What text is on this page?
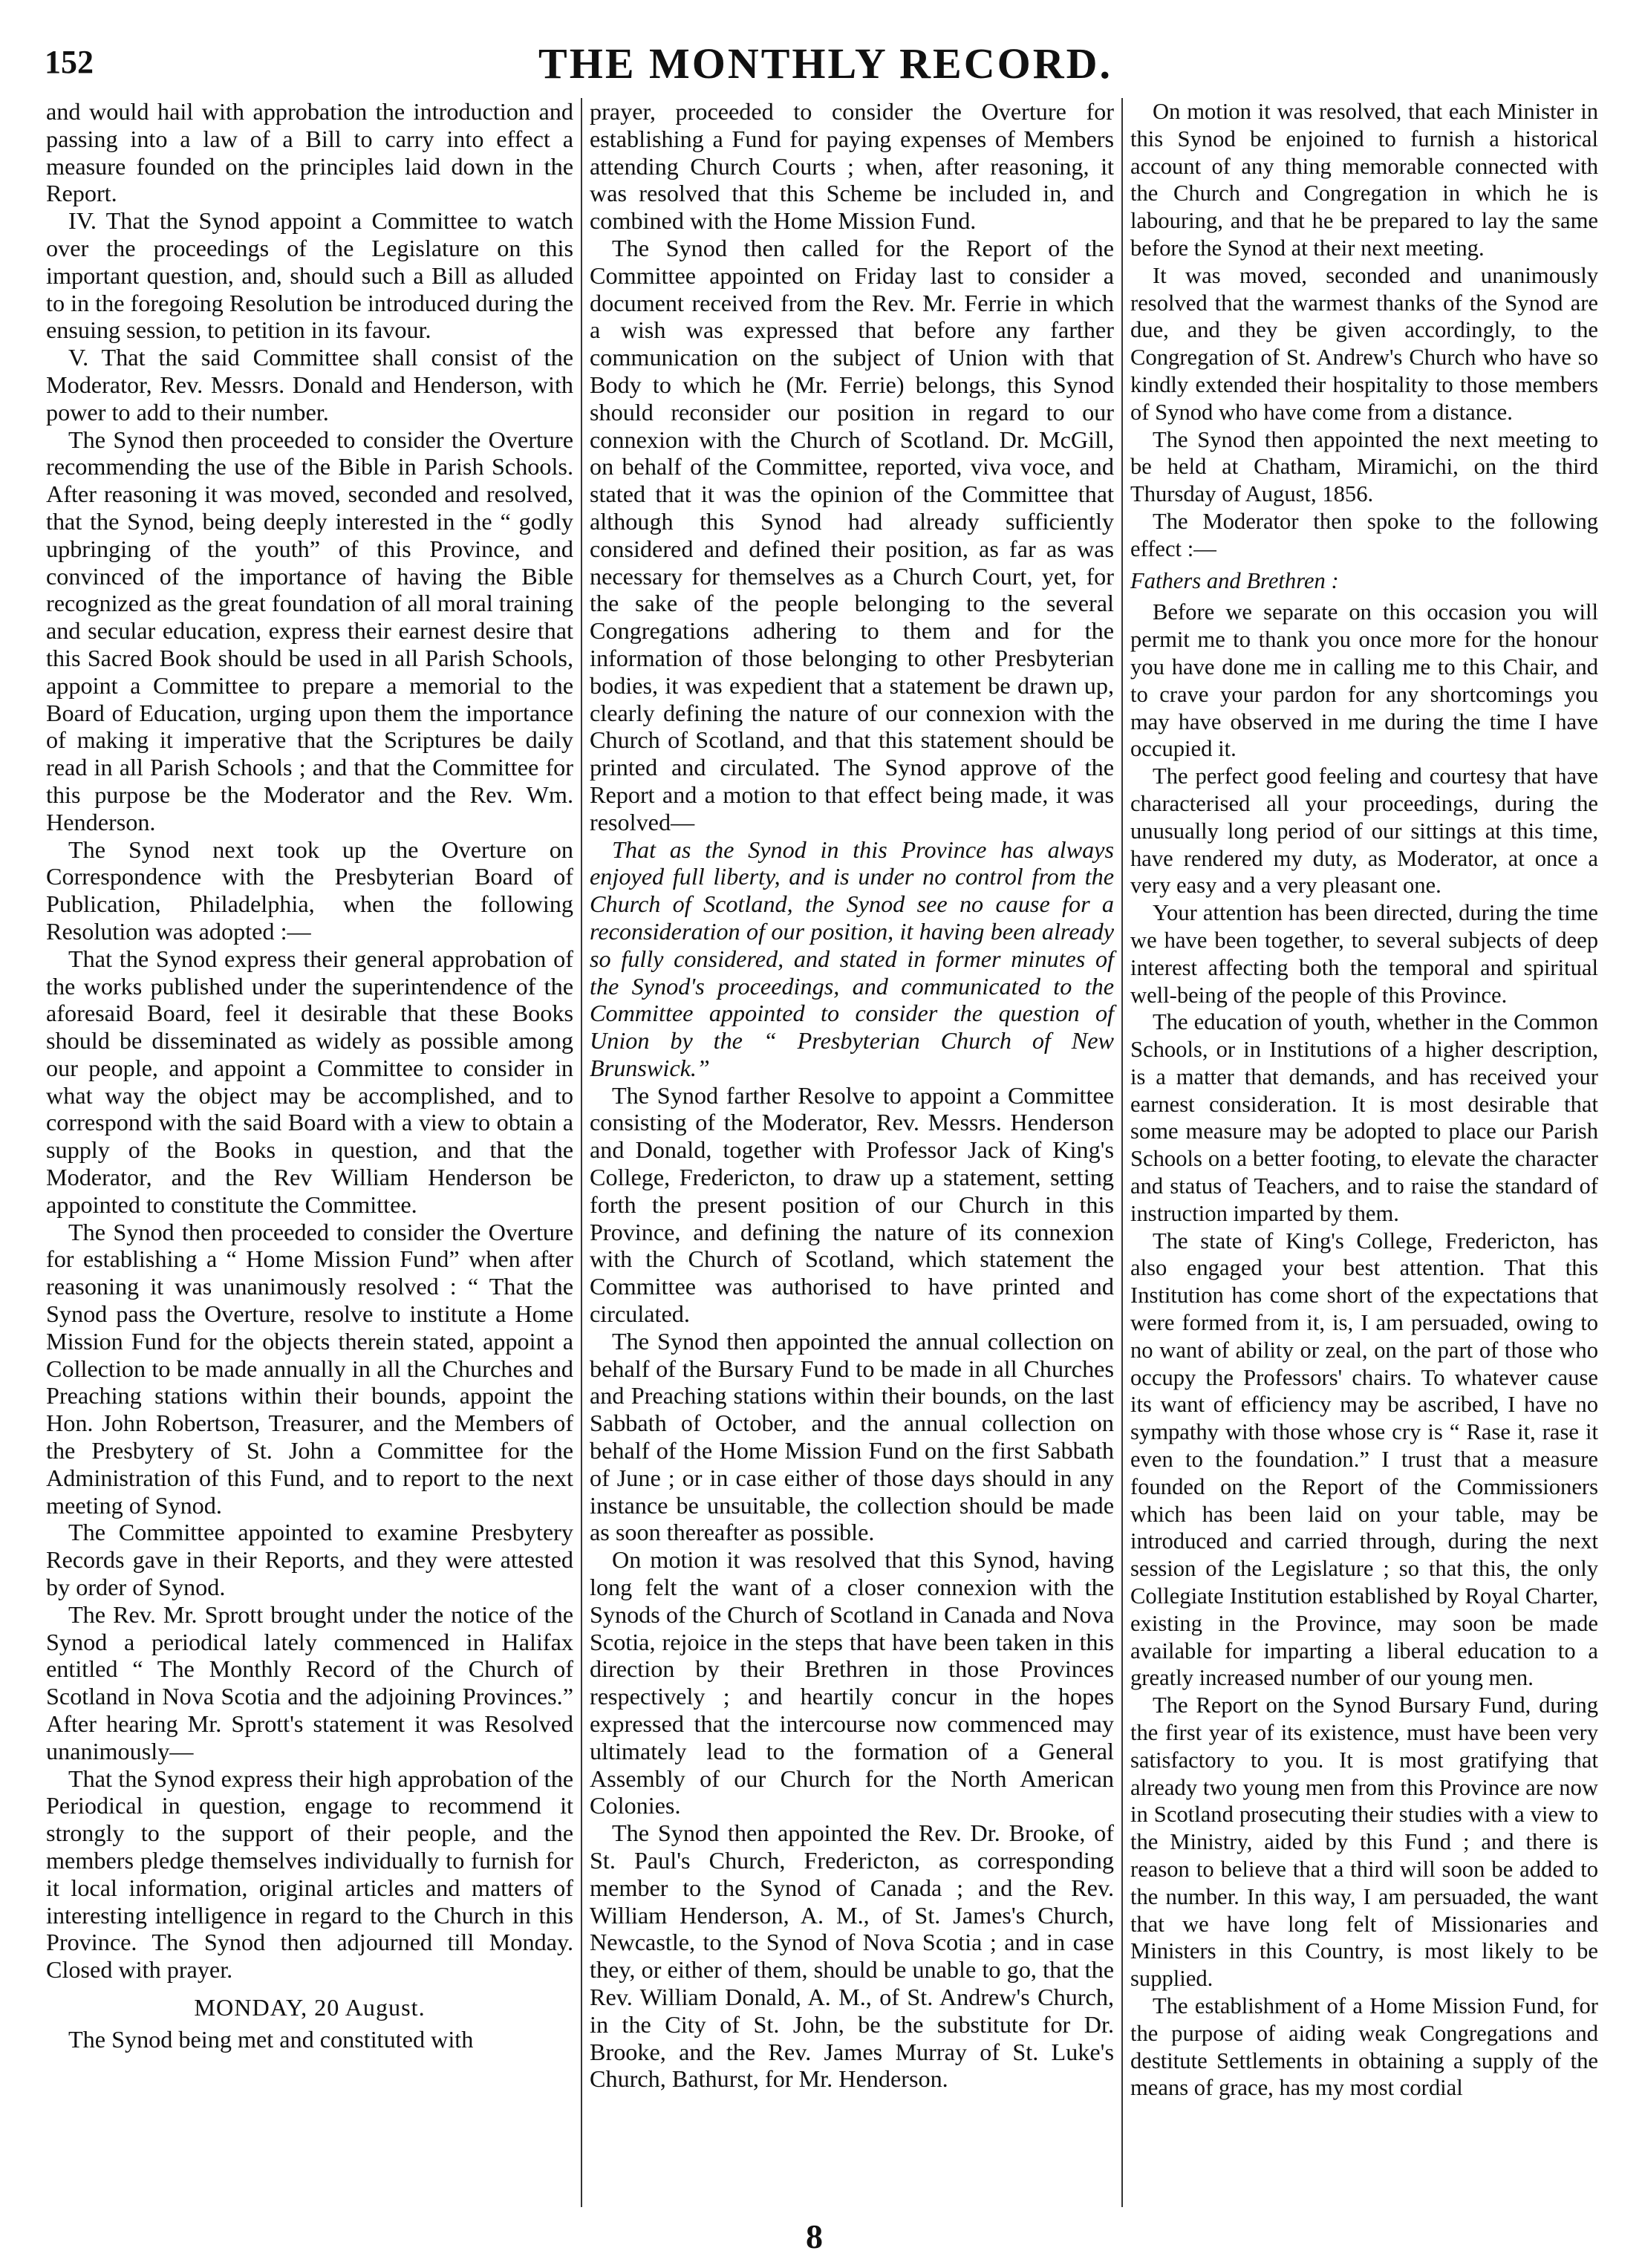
152	THE MONTHLY RECORD.

and would hail with approbation the introduction and passing into a law of a Bill to carry into effect a measure founded on the principles laid down in the Report.

IV. That the Synod appoint a Committee to watch over the proceedings of the Legislature on this important question, and, should such a Bill as alluded to in the foregoing Resolution be introduced during the ensuing session, to petition in its favour.

V. That the said Committee shall consist of the Moderator, Rev. Messrs. Donald and Henderson, with power to add to their number.

The Synod then proceeded to consider the Overture recommending the use of the Bible in Parish Schools. After reasoning it was moved, seconded and resolved, that the Synod, being deeply interested in the “ godly upbringing of the youth” of this Province, and convinced of the importance of having the Bible recognized as the great foundation of all moral training and secular education, express their earnest desire that this Sacred Book should be used in all Parish Schools, appoint a Committee to prepare a memorial to the Board of Education, urging upon them the importance of making it imperative that the Scriptures be daily read in all Parish Schools ; and that the Committee for this purpose be the Moderator and the Rev. Wm. Henderson.

The Synod next took up the Overture on Correspondence with the Presbyterian Board of Publication, Philadelphia, when the following Resolution was adopted :—

That the Synod express their general approbation of the works published under the superintendence of the aforesaid Board, feel it desirable that these Books should be disseminated as widely as possible among our people, and appoint a Committee to consider in what way the object may be accomplished, and to correspond with the said Board with a view to obtain a supply of the Books in question, and that the Moderator, and the Rev William Henderson be appointed to constitute the Committee.

The Synod then proceeded to consider the Overture for establishing a “ Home Mission Fund” when after reasoning it was unanimously resolved : “ That the Synod pass the Overture, resolve to institute a Home Mission Fund for the objects therein stated, appoint a Collection to be made annually in all the Churches and Preaching stations within their bounds, appoint the Hon. John Robertson, Treasurer, and the Members of the Presbytery of St. John a Committee for the Administration of this Fund, and to report to the next meeting of Synod.

The Committee appointed to examine Presbytery Records gave in their Reports, and they were attested by order of Synod.

The Rev. Mr. Sprott brought under the notice of the Synod a periodical lately commenced in Halifax entitled “ The Monthly Record of the Church of Scotland in Nova Scotia and the adjoining Provinces.” After hearing Mr. Sprott's statement it was Resolved unanimously—

That the Synod express their high approbation of the Periodical in question, engage to recommend it strongly to the support of their people, and the members pledge themselves individually to furnish for it local information, original articles and matters of interesting intelligence in regard to the Church in this Province. The Synod then adjourned till Monday. Closed with prayer.

MONDAY, 20 August.

The Synod being met and constituted with

prayer, proceeded to consider the Overture for establishing a Fund for paying expenses of Members attending Church Courts ; when, after reasoning, it was resolved that this Scheme be included in, and combined with the Home Mission Fund.

The Synod then called for the Report of the Committee appointed on Friday last to consider a document received from the Rev. Mr. Ferrie in which a wish was expressed that before any farther communication on the subject of Union with that Body to which he (Mr. Ferrie) belongs, this Synod should reconsider our position in regard to our connexion with the Church of Scotland. Dr. McGill, on behalf of the Committee, reported, viva voce, and stated that it was the opinion of the Committee that although this Synod had already sufficiently considered and defined their position, as far as was necessary for themselves as a Church Court, yet, for the sake of the people belonging to the several Congregations adhering to them and for the information of those belonging to other Presbyterian bodies, it was expedient that a statement be drawn up, clearly defining the nature of our connexion with the Church of Scotland, and that this statement should be printed and circulated. The Synod approve of the Report and a motion to that effect being made, it was resolved—

That as the Synod in this Province has always enjoyed full liberty, and is under no control from the Church of Scotland, the Synod see no cause for a reconsideration of our position, it having been already so fully considered, and stated in former minutes of the Synod's proceedings, and communicated to the Committee appointed to consider the question of Union by the “ Presbyterian Church of New Brunswick.”

The Synod farther Resolve to appoint a Committee consisting of the Moderator, Rev. Messrs. Henderson and Donald, together with Professor Jack of King's College, Fredericton, to draw up a statement, setting forth the present position of our Church in this Province, and defining the nature of its connexion with the Church of Scotland, which statement the Committee was authorised to have printed and circulated.

The Synod then appointed the annual collection on behalf of the Bursary Fund to be made in all Churches and Preaching stations within their bounds, on the last Sabbath of October, and the annual collection on behalf of the Home Mission Fund on the first Sabbath of June ; or in case either of those days should in any instance be unsuitable, the collection should be made as soon thereafter as possible.

On motion it was resolved that this Synod, having long felt the want of a closer connexion with the Synods of the Church of Scotland in Canada and Nova Scotia, rejoice in the steps that have been taken in this direction by their Brethren in those Provinces respectively ; and heartily concur in the hopes expressed that the intercourse now commenced may ultimately lead to the formation of a General Assembly of our Church for the North American Colonies.

The Synod then appointed the Rev. Dr. Brooke, of St. Paul's Church, Fredericton, as corresponding member to the Synod of Canada ; and the Rev. William Henderson, A. M., of St. James's Church, Newcastle, to the Synod of Nova Scotia ; and in case they, or either of them, should be unable to go, that the Rev. William Donald, A. M., of St. Andrew's Church, in the City of St. John, be the substitute for Dr. Brooke, and the Rev. James Murray of St. Luke's Church, Bathurst, for Mr. Henderson.

On motion it was resolved, that each Minister in this Synod be enjoined to furnish a historical account of any thing memorable connected with the Church and Congregation in which he is labouring, and that he be prepared to lay the same before the Synod at their next meeting.

It was moved, seconded and unanimously resolved that the warmest thanks of the Synod are due, and they be given accordingly, to the Congregation of St. Andrew's Church who have so kindly extended their hospitality to those members of Synod who have come from a distance.

The Synod then appointed the next meeting to be held at Chatham, Miramichi, on the third Thursday of August, 1856.

The Moderator then spoke to the following effect :—

Fathers and Brethren :

Before we separate on this occasion you will permit me to thank you once more for the honour you have done me in calling me to this Chair, and to crave your pardon for any shortcomings you may have observed in me during the time I have occupied it.

The perfect good feeling and courtesy that have characterised all your proceedings, during the unusually long period of our sittings at this time, have rendered my duty, as Moderator, at once a very easy and a very pleasant one.

Your attention has been directed, during the time we have been together, to several subjects of deep interest affecting both the temporal and spiritual well-being of the people of this Province.

The education of youth, whether in the Common Schools, or in Institutions of a higher description, is a matter that demands, and has received your earnest consideration. It is most desirable that some measure may be adopted to place our Parish Schools on a better footing, to elevate the character and status of Teachers, and to raise the standard of instruction imparted by them.

The state of King's College, Fredericton, has also engaged your best attention. That this Institution has come short of the expectations that were formed from it, is, I am persuaded, owing to no want of ability or zeal, on the part of those who occupy the Professors' chairs. To whatever cause its want of efficiency may be ascribed, I have no sympathy with those whose cry is “ Rase it, rase it even to the foundation.” I trust that a measure founded on the Report of the Commissioners which has been laid on your table, may be introduced and carried through, during the next session of the Legislature ; so that this, the only Collegiate Institution established by Royal Charter, existing in the Province, may soon be made available for imparting a liberal education to a greatly increased number of our young men.

The Report on the Synod Bursary Fund, during the first year of its existence, must have been very satisfactory to you. It is most gratifying that already two young men from this Province are now in Scotland prosecuting their studies with a view to the Ministry, aided by this Fund ; and there is reason to believe that a third will soon be added to the number. In this way, I am persuaded, the want that we have long felt of Missionaries and Ministers in this Country, is most likely to be supplied.

The establishment of a Home Mission Fund, for the purpose of aiding weak Congregations and destitute Settlements in obtaining a supply of the means of grace, has my most cordial

8
